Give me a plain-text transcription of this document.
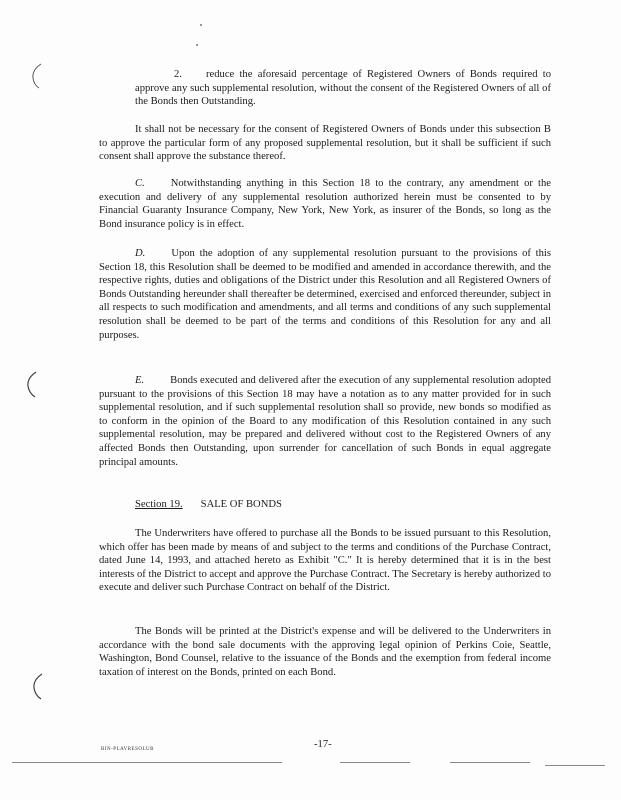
2.	reduce the aforesaid percentage of Registered Owners of Bonds required to approve any such supplemental resolution, without the consent of the Registered Owners of all of the Bonds then Outstanding.

It shall not be necessary for the consent of Registered Owners of Bonds under this subsection B to approve the particular form of any proposed supplemental resolution, but it shall be sufficient if such consent shall approve the substance thereof.

C. Notwithstanding anything in this Section 18 to the contrary, any amendment or the execution and delivery of any supplemental resolution authorized herein must be consented to by Financial Guaranty Insurance Company, New York, New York, as insurer of the Bonds, so long as the Bond insurance policy is in effect.

D. Upon the adoption of any supplemental resolution pursuant to the provisions of this Section 18, this Resolution shall be deemed to be modified and amended in accordance therewith, and the respective rights, duties and obligations of the District under this Resolution and all Registered Owners of Bonds Outstanding hereunder shall thereafter be determined, exercised and enforced thereunder, subject in all respects to such modification and amendments, and all terms and conditions of any such supplemental resolution shall be deemed to be part of the terms and conditions of this Resolution for any and all purposes.

E. Bonds executed and delivered after the execution of any supplemental resolution adopted pursuant to the provisions of this Section 18 may have a notation as to any matter provided for in such supplemental resolution, and if such supplemental resolution shall so provide, new bonds so modified as to conform in the opinion of the Board to any modification of this Resolution contained in any such supplemental resolution, may be prepared and delivered without cost to the Registered Owners of any affected Bonds then Outstanding, upon surrender for cancellation of such Bonds in equal aggregate principal amounts.

Section 19. SALE OF BONDS

The Underwriters have offered to purchase all the Bonds to be issued pursuant to this Resolution, which offer has been made by means of and subject to the terms and conditions of the Purchase Contract, dated June 14, 1993, and attached hereto as Exhibit "C." It is hereby determined that it is in the best interests of the District to accept and approve the Purchase Contract. The Secretary is hereby authorized to execute and deliver such Purchase Contract on behalf of the District.

The Bonds will be printed at the District's expense and will be delivered to the Underwriters in accordance with the bond sale documents with the approving legal opinion of Perkins Coie, Seattle, Washington, Bond Counsel, relative to the issuance of the Bonds and the exemption from federal income taxation of interest on the Bonds, printed on each Bond.

BIN-PLAVRESOLUB	-17-
